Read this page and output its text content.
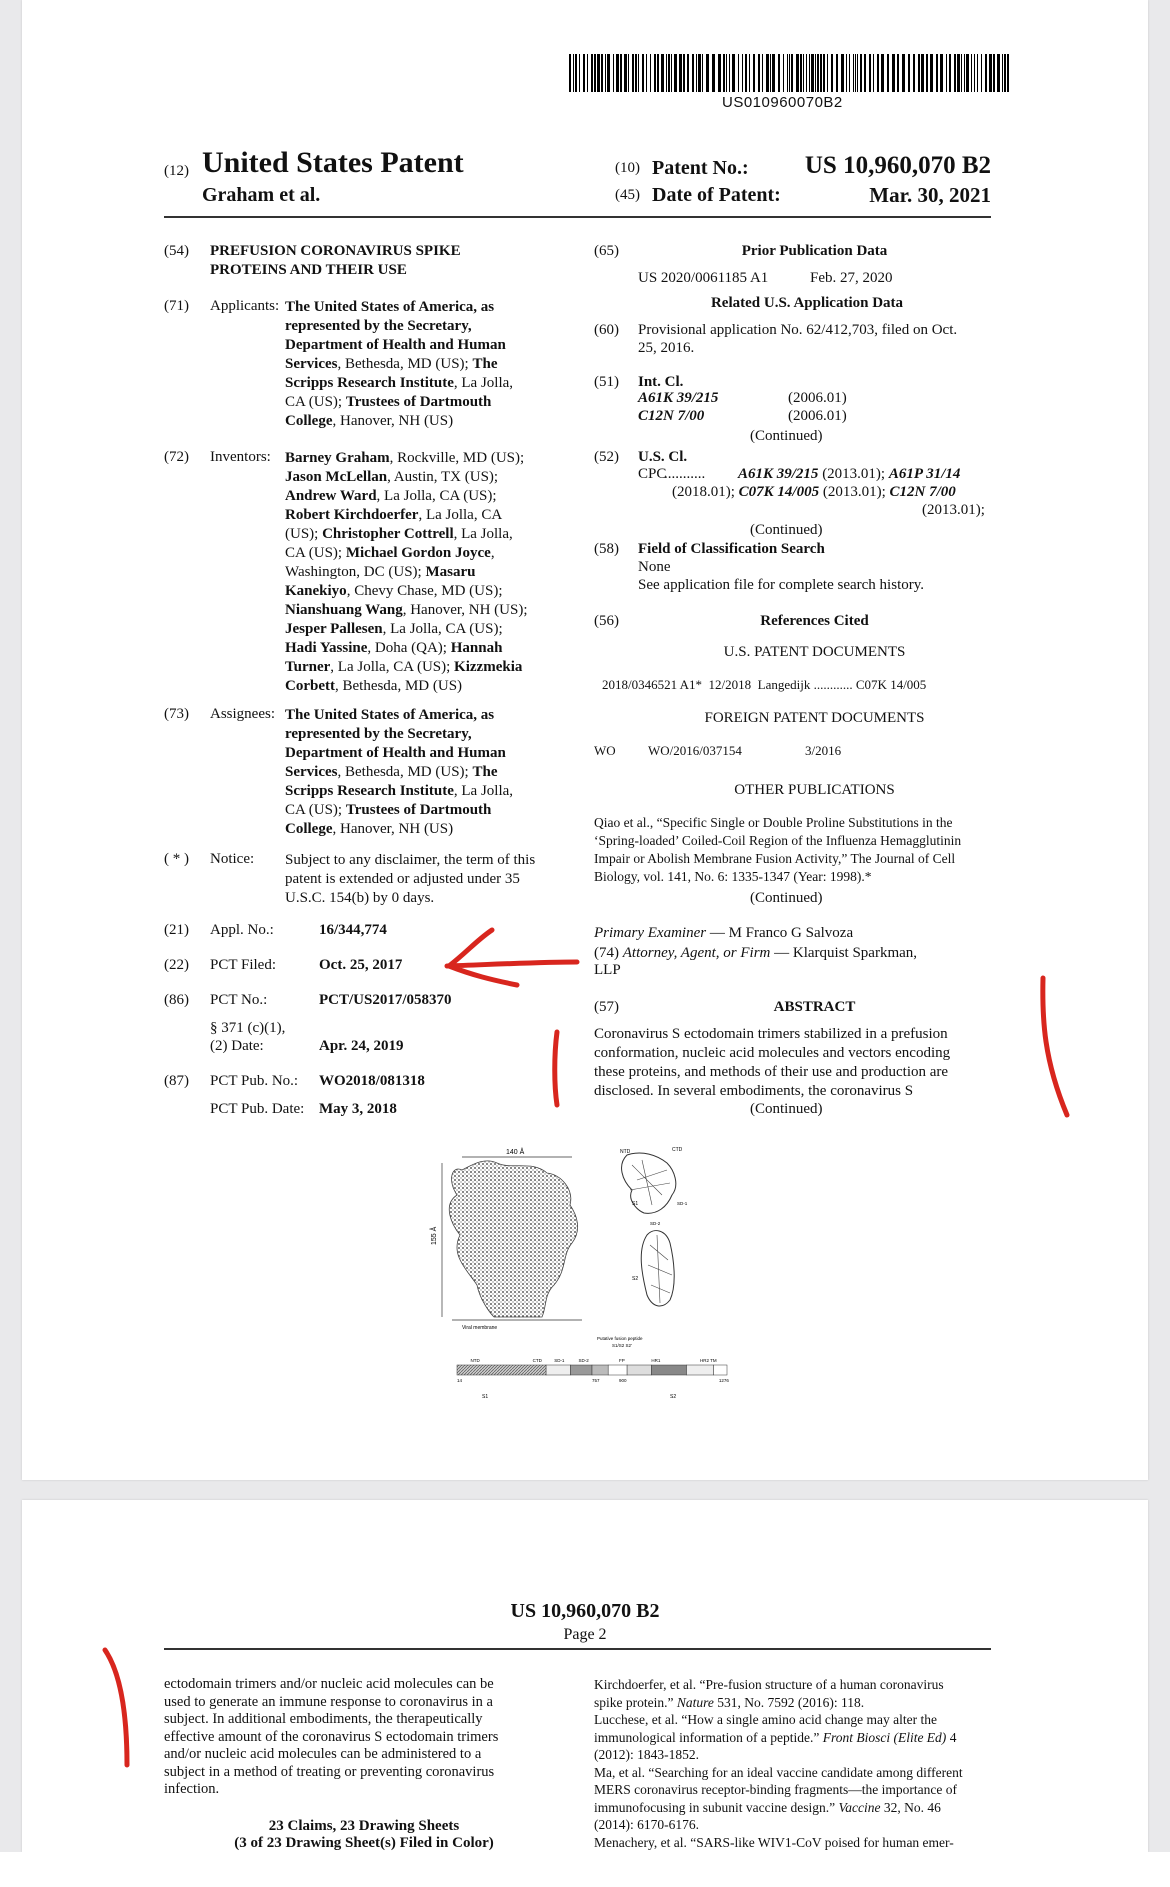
US010960070B2
(12) United States Patent
Graham et al.
(10) Patent No.: US 10,960,070 B2
(45) Date of Patent:	Mar. 30, 2021
(54) PREFUSION CORONAVIRUS SPIKE
PROTEINS AND THEIR USE
(71) Applicants: The United States of America, as
represented by the Secretary,
Department of Health and Human
Services, Bethesda, MD (US); The
Scripps Research Institute, La Jolla,
CA (US); Trustees of Dartmouth
College, Hanover, NH (US)
(72) Inventors: Barney Graham, Rockville, MD (US);
Jason McLellan, Austin, TX (US);
Andrew Ward, La Jolla, CA (US);
Robert Kirchdoerfer, La Jolla, CA
(US); Christopher Cottrell, La Jolla,
CA (US); Michael Gordon Joyce,
Washington, DC (US); Masaru
Kanekiyo, Chevy Chase, MD (US);
Nianshuang Wang, Hanover, NH (US);
Jesper Pallesen, La Jolla, CA (US);
Hadi Yassine, Doha (QA); Hannah
Turner, La Jolla, CA (US); Kizzmekia
Corbett, Bethesda, MD (US)
(73) Assignees: The United States of America, as
represented by the Secretary,
Department of Health and Human
Services, Bethesda, MD (US); The
Scripps Research Institute, La Jolla,
CA (US); Trustees of Dartmouth
College, Hanover, NH (US)
( * ) Notice: Subject to any disclaimer, the term of this
patent is extended or adjusted under 35
U.S.C. 154(b) by 0 days.
(21) Appl. No.:	16/344,774
(22) PCT Filed:	Oct. 25, 2017
(86) PCT No.:	PCT/US2017/058370
§ 371 (c)(1),
(2) Date:	Apr. 24, 2019
(87) PCT Pub. No.: WO2018/081318
PCT Pub. Date: May 3, 2018
(65)	Prior Publication Data
US 2020/0061185 A1	Feb. 27, 2020
Related U.S. Application Data
(60) Provisional application No. 62/412,703, filed on Oct.
25, 2016.
(51) Int. Cl.
A61K 39/215	(2006.01)
C12N 7/00	(2006.01)
(Continued)
(52) U.S. Cl.
CPC
........... A61K 39/215 (2013.01); A61P 31/14
(2018.01); C07K 14/005 (2013.01); C12N 7/00
(2013.01);
(Continued)
(58) Field of Classification Search
None
See application file for complete search history.
(56)	References Cited
U.S. PATENT DOCUMENTS
2018/0346521 A1* 12/2018 Langedijk ............ C07K 14/005
FOREIGN PATENT DOCUMENTS
WO WO/2016/037154	3/2016
OTHER PUBLICATIONS
Qiao et al., “Specific Single or Double Proline Substitutions in the
‘Spring-loaded’ Coiled-Coil Region of the Influenza Hemagglutinin
Impair or Abolish Membrane Fusion Activity,” The Journal of Cell
Biology, vol. 141, No. 6: 1335-1347 (Year: 1998).*
(Continued)
Primary Examiner — M Franco G Salvoza
(74) Attorney, Agent, or Firm — Klarquist Sparkman,
LLP
(57)	ABSTRACT
Coronavirus S ectodomain trimers stabilized in a prefusion
conformation, nucleic acid molecules and vectors encoding
these proteins, and methods of their use and production are
disclosed. In several embodiments, the coronavirus S
(Continued)
140 Å
155 Å
Viral membrane
NTD	CTD
S1
S2
SD-1
SD-2
Putative fusion peptide
S1/S2 S2'
NTD	CTD	SD-1	SD-2	FP	HR1	HR2 TM
14	757	900	1276
S1	S2
US 10,960,070 B2
Page 2
ectodomain trimers and/or nucleic acid molecules can be
used to generate an immune response to coronavirus in a
subject. In additional embodiments, the therapeutically
effective amount of the coronavirus S ectodomain trimers
and/or nucleic acid molecules can be administered to a
subject in a method of treating or preventing coronavirus
infection.
23 Claims, 23 Drawing Sheets
(3 of 23 Drawing Sheet(s) Filed in Color)
Kirchdoerfer, et al. “Pre-fusion structure of a human coronavirus
spike protein.” Nature 531, No. 7592 (2016): 118.
Lucchese, et al. “How a single amino acid change may alter the
immunological information of a peptide.” Front Biosci (Elite Ed) 4
(2012): 1843-1852.
Ma, et al. “Searching for an ideal vaccine candidate among different
MERS coronavirus receptor-binding fragments—the importance of
immunofocusing in subunit vaccine design.” Vaccine 32, No. 46
(2014): 6170-6176.
Menachery, et al. “SARS-like WIV1-CoV poised for human emer-
